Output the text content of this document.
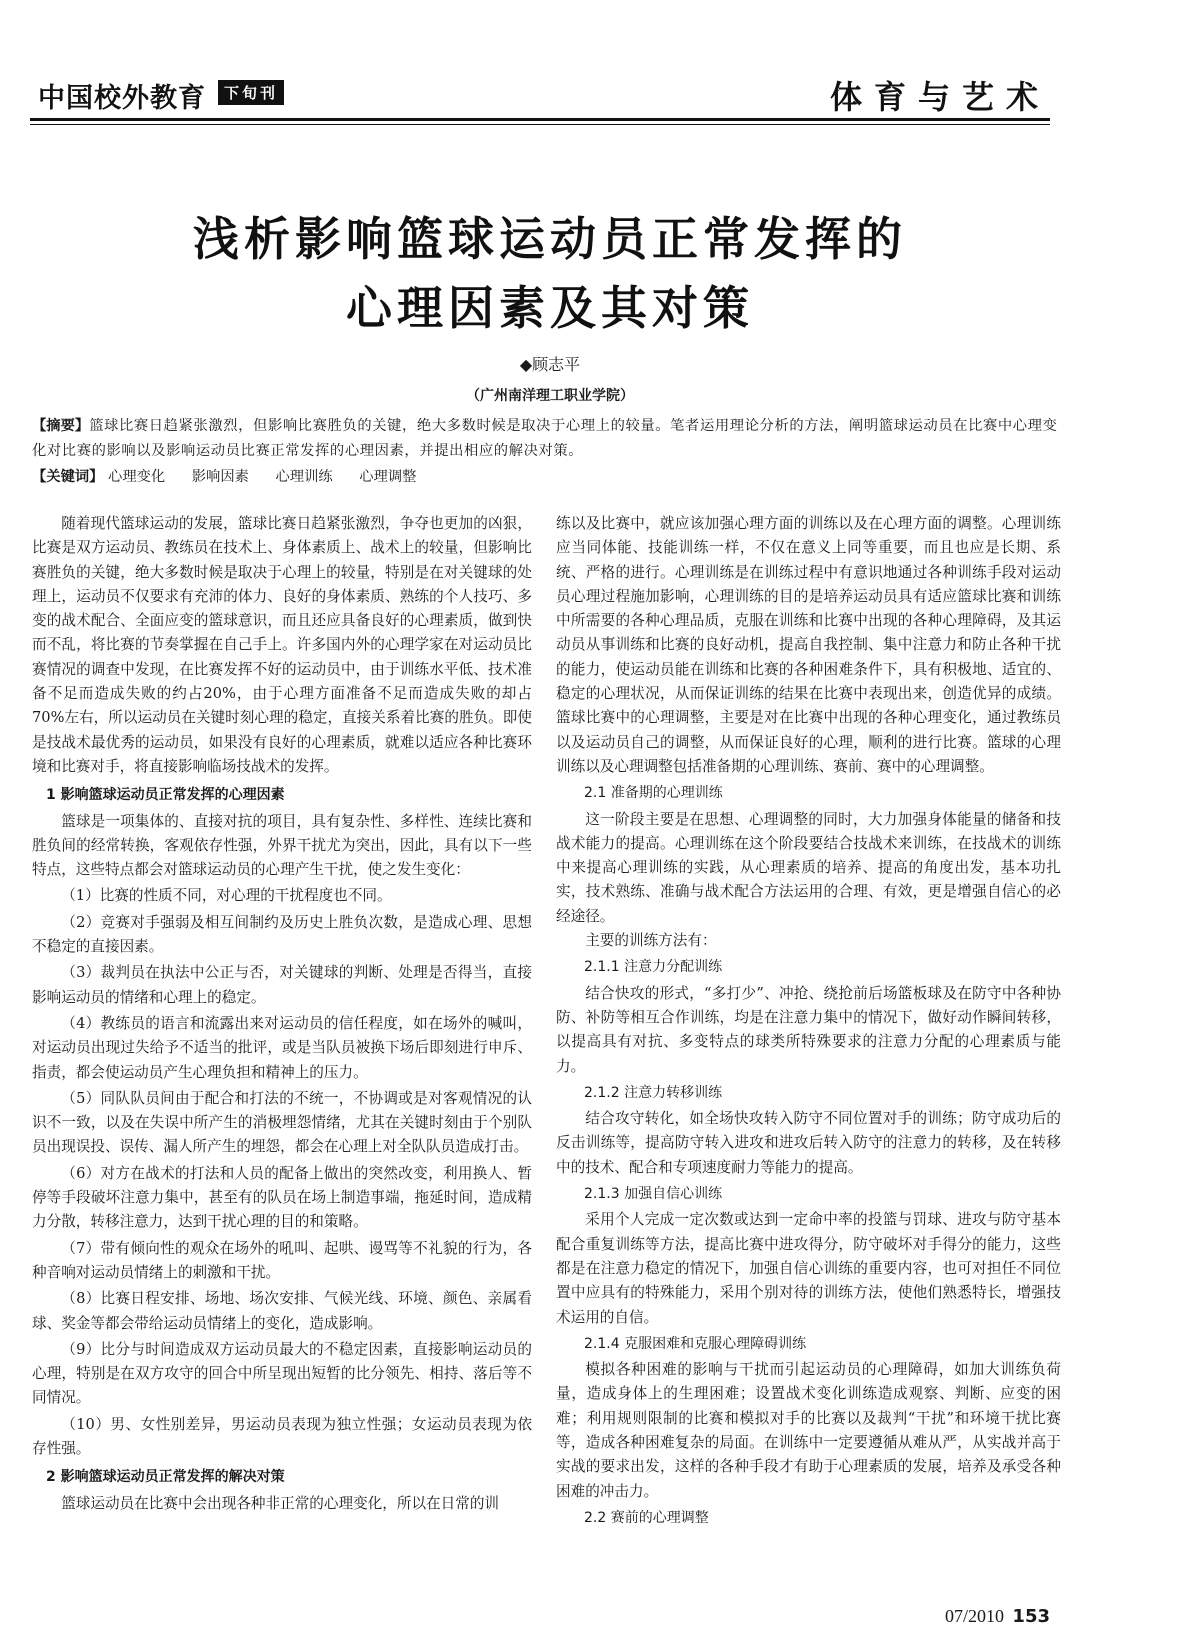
中国校外教育	下旬刊	体育与艺术
浅析影响篮球运动员正常发挥的
心理因素及其对策
◆顾志平
（广州南洋理工职业学院）
【摘要】篮球比赛日趋紧张激烈，但影响比赛胜负的关键，绝大多数时候是取决于心理上的较量。笔者运用理论分析的方法，阐明篮球运动员在比赛中心理变化对比赛的影响以及影响运动员比赛正常发挥的心理因素，并提出相应的解决对策。
【关键词】 心理变化 影响因素 心理训练 心理调整

随着现代篮球运动的发展，篮球比赛日趋紧张激烈，争夺也更加的凶狠，比赛是双方运动员、教练员在技术上、身体素质上、战术上的较量，但影响比赛胜负的关键，绝大多数时候是取决于心理上的较量，特别是在对关键球的处理上，运动员不仅要求有充沛的体力、良好的身体素质、熟练的个人技巧、多变的战术配合、全面应变的篮球意识，而且还应具备良好的心理素质，做到快而不乱，将比赛的节奏掌握在自己手上。许多国内外的心理学家在对运动员比赛情况的调查中发现，在比赛发挥不好的运动员中，由于训练水平低、技术准备不足而造成失败的约占20%，由于心理方面准备不足而造成失败的却占70%左右，所以运动员在关键时刻心理的稳定，直接关系着比赛的胜负。即使是技战术最优秀的运动员，如果没有良好的心理素质，就难以适应各种比赛环境和比赛对手，将直接影响临场技战术的发挥。

1 影响篮球运动员正常发挥的心理因素

篮球是一项集体的、直接对抗的项目，具有复杂性、多样性、连续比赛和胜负间的经常转换，客观依存性强，外界干扰尤为突出，因此，具有以下一些特点，这些特点都会对篮球运动员的心理产生干扰，使之发生变化：

（1）比赛的性质不同，对心理的干扰程度也不同。

（2）竞赛对手强弱及相互间制约及历史上胜负次数，是造成心理、思想不稳定的直接因素。

（3）裁判员在执法中公正与否，对关键球的判断、处理是否得当，直接影响运动员的情绪和心理上的稳定。

（4）教练员的语言和流露出来对运动员的信任程度，如在场外的喊叫，对运动员出现过失给予不适当的批评，或是当队员被换下场后即刻进行申斥、指责，都会使运动员产生心理负担和精神上的压力。

（5）同队队员间由于配合和打法的不统一，不协调或是对客观情况的认识不一致，以及在失误中所产生的消极埋怨情绪，尤其在关键时刻由于个别队员出现误投、误传、漏人所产生的埋怨，都会在心理上对全队队员造成打击。

（6）对方在战术的打法和人员的配备上做出的突然改变，利用换人、暂停等手段破坏注意力集中，甚至有的队员在场上制造事端，拖延时间，造成精力分散，转移注意力，达到干扰心理的目的和策略。

（7）带有倾向性的观众在场外的吼叫、起哄、谩骂等不礼貌的行为，各种音响对运动员情绪上的刺激和干扰。

（8）比赛日程安排、场地、场次安排、气候光线、环境、颜色、亲属看球、奖金等都会带给运动员情绪上的变化，造成影响。

（9）比分与时间造成双方运动员最大的不稳定因素，直接影响运动员的心理，特别是在双方攻守的回合中所呈现出短暂的比分领先、相持、落后等不同情况。

（10）男、女性别差异，男运动员表现为独立性强；女运动员表现为依存性强。

2 影响篮球运动员正常发挥的解决对策

篮球运动员在比赛中会出现各种非正常的心理变化，所以在日常的训

练以及比赛中，就应该加强心理方面的训练以及在心理方面的调整。心理训练应当同体能、技能训练一样，不仅在意义上同等重要，而且也应是长期、系统、严格的进行。心理训练是在训练过程中有意识地通过各种训练手段对运动员心理过程施加影响，心理训练的目的是培养运动员具有适应篮球比赛和训练中所需要的各种心理品质，克服在训练和比赛中出现的各种心理障碍，及其运动员从事训练和比赛的良好动机，提高自我控制、集中注意力和防止各种干扰的能力，使运动员能在训练和比赛的各种困难条件下，具有积极地、适宜的、稳定的心理状况，从而保证训练的结果在比赛中表现出来，创造优异的成绩。篮球比赛中的心理调整，主要是对在比赛中出现的各种心理变化，通过教练员以及运动员自己的调整，从而保证良好的心理，顺利的进行比赛。篮球的心理训练以及心理调整包括准备期的心理训练、赛前、赛中的心理调整。

2.1 准备期的心理训练

这一阶段主要是在思想、心理调整的同时，大力加强身体能量的储备和技战术能力的提高。心理训练在这个阶段要结合技战术来训练，在技战术的训练中来提高心理训练的实践，从心理素质的培养、提高的角度出发，基本功扎实，技术熟练、准确与战术配合方法运用的合理、有效，更是增强自信心的必经途径。

主要的训练方法有：

2.1.1 注意力分配训练

结合快攻的形式，“多打少”、冲抢、绕抢前后场篮板球及在防守中各种协防、补防等相互合作训练，均是在注意力集中的情况下，做好动作瞬间转移，以提高具有对抗、多变特点的球类所特殊要求的注意力分配的心理素质与能力。

2.1.2 注意力转移训练

结合攻守转化，如全场快攻转入防守不同位置对手的训练；防守成功后的反击训练等，提高防守转入进攻和进攻后转入防守的注意力的转移，及在转移中的技术、配合和专项速度耐力等能力的提高。

2.1.3 加强自信心训练

采用个人完成一定次数或达到一定命中率的投篮与罚球、进攻与防守基本配合重复训练等方法，提高比赛中进攻得分，防守破坏对手得分的能力，这些都是在注意力稳定的情况下，加强自信心训练的重要内容，也可对担任不同位置中应具有的特殊能力，采用个别对待的训练方法，使他们熟悉特长，增强技术运用的自信。

2.1.4 克服困难和克服心理障碍训练

模拟各种困难的影响与干扰而引起运动员的心理障碍，如加大训练负荷量，造成身体上的生理困难；设置战术变化训练造成观察、判断、应变的困难；利用规则限制的比赛和模拟对手的比赛以及裁判“干扰”和环境干扰比赛等，造成各种困难复杂的局面。在训练中一定要遵循从难从严，从实战并高于实战的要求出发，这样的各种手段才有助于心理素质的发展，培养及承受各种困难的冲击力。

2.2 赛前的心理调整
07/2010 153
